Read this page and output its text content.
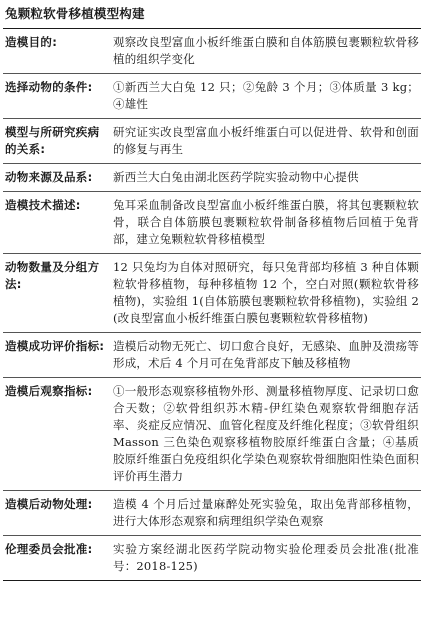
兔颗粒软骨移植模型构建
造模目的:	观察改良型富血小板纤维蛋白膜和自体筋膜包裹颗粒软骨移植的组织学变化
选择动物的条件:	①新西兰大白兔 12 只；②兔龄 3 个月；③体质量 3 kg；④雄性
模型与所研究疾病的关系:	研究证实改良型富血小板纤维蛋白可以促进骨、软骨和创面的修复与再生
动物来源及品系:	新西兰大白兔由湖北医药学院实验动物中心提供
造模技术描述:	兔耳采血制备改良型富血小板纤维蛋白膜，将其包裹颗粒软骨，联合自体筋膜包裹颗粒软骨制备移植物后回植于兔背部，建立兔颗粒软骨移植模型
动物数量及分组方法:	12 只兔均为自体对照研究，每只兔背部均移植 3 种自体颗粒软骨移植物，每种移植物 12 个，空白对照(颗粒软骨移植物)，实验组 1(自体筋膜包裹颗粒软骨移植物)，实验组 2(改良型富血小板纤维蛋白膜包裹颗粒软骨移植物)
造模成功评价指标:	造模后动物无死亡、切口愈合良好，无感染、血肿及溃疡等形成，术后 4 个月可在兔背部皮下触及移植物
造模后观察指标:	①一般形态观察移植物外形、测量移植物厚度、记录切口愈合天数；②软骨组织苏木精-伊红染色观察软骨细胞存活率、炎症反应情况、血管化程度及纤维化程度；③软骨组织 Masson 三色染色观察移植物胶原纤维蛋白含量；④基质胶原纤维蛋白免疫组织化学染色观察软骨细胞阳性染色面积评价再生潜力
造模后动物处理:	造模 4 个月后过量麻醉处死实验兔，取出兔背部移植物，进行大体形态观察和病理组织学染色观察
伦理委员会批准:	实验方案经湖北医药学院动物实验伦理委员会批准(批准号：2018-125)
